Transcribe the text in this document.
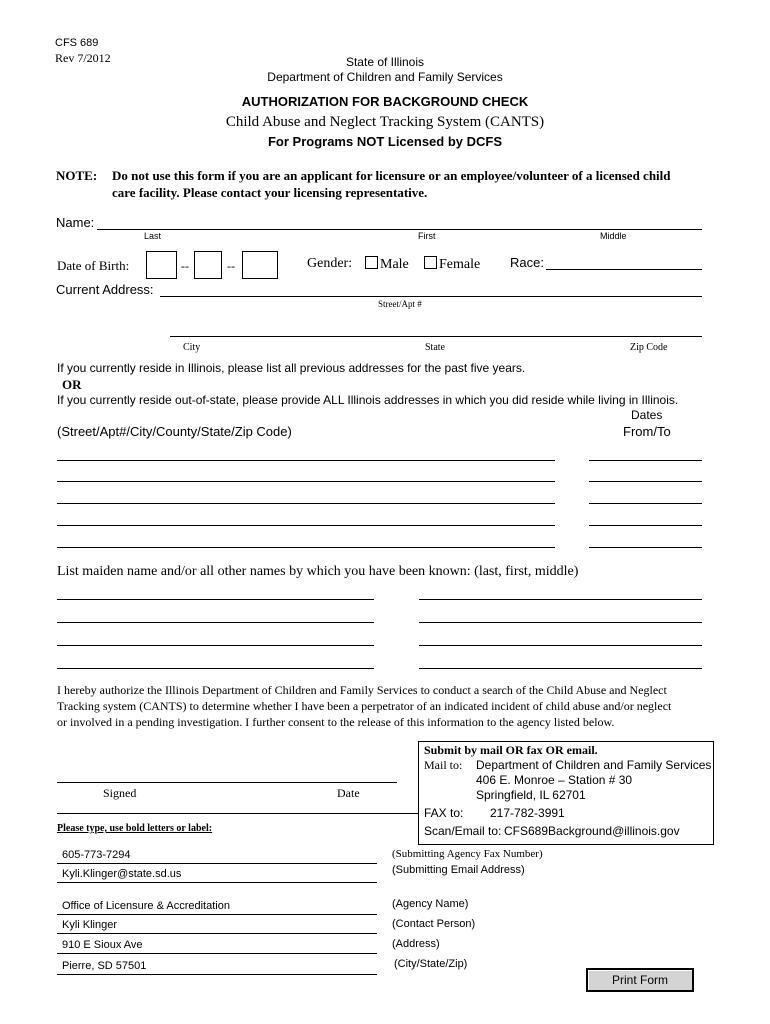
CFS 689
Rev 7/2012	State of Illinois
Department of Children and Family Services
AUTHORIZATION FOR BACKGROUND CHECK
Child Abuse and Neglect Tracking System (CANTS)
For Programs NOT Licensed by DCFS
NOTE: Do not use this form if you are an applicant for licensure or an employee/volunteer of a licensed child
care facility. Please contact your licensing representative.
Name:
Last	First	Middle
Date of Birth:	--	--	Gender:	Male	Female Race:
Current Address:
Street/Apt #
City	State	Zip Code
If you currently reside in Illinois, please list all previous addresses for the past five years.
OR
If you currently reside out-of-state, please provide ALL Illinois addresses in which you did reside while living in Illinois.
Dates
(Street/Apt#/City/County/State/Zip Code)	From/To
List maiden name and/or all other names by which you have been known: (last, first, middle)
I hereby authorize the Illinois Department of Children and Family Services to conduct a search of the Child Abuse and Neglect
Tracking system (CANTS) to determine whether I have been a perpetrator of an indicated incident of child abuse and/or neglect
or involved in a pending investigation. I further consent to the release of this information to the agency listed below.
Signed	Date
Please type, use bold letters or label:
Submit by mail OR fax OR email.
Mail to: Department of Children and Family Services
406 E. Monroe – Station # 30
Springfield, IL 62701
FAX to: 217-782-3991
Scan/Email to: CFS689Background@illinois.gov
605-773-7294	(Submitting Agency Fax Number)
Kyli.Klinger@state.sd.us	(Submitting Email Address)
Office of Licensure & Accreditation	(Agency Name)
Kyli Klinger	(Contact Person)
910 E Sioux Ave	(Address)
Pierre, SD 57501	(City/State/Zip)
Print Form
